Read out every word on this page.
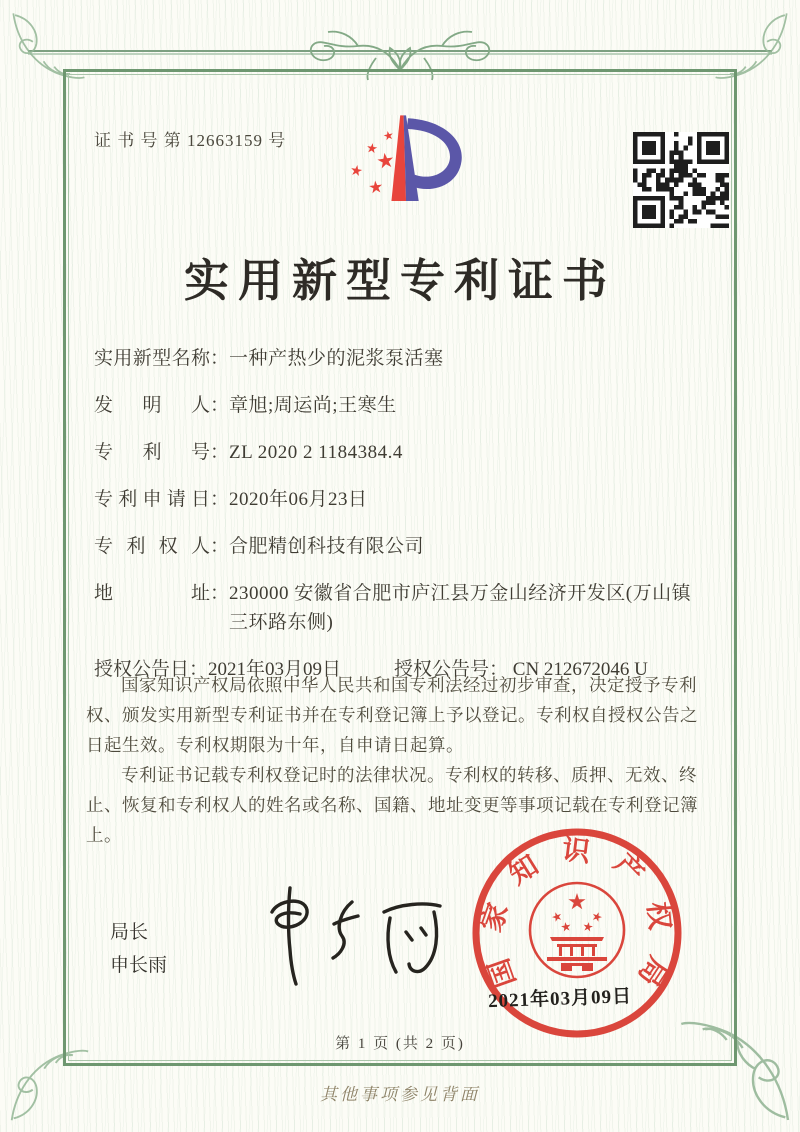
证 书 号 第 12663159 号
实用新型专利证书
实用新型名称 ： 一种产热少的泥浆泵活塞
发明人 ： 章旭;周运尚;王寒生
专利号 ： ZL 2020 2 1184384.4
专利申请日 ： 2020年06月23日
专利权人 ： 合肥精创科技有限公司
地址 ： 230000 安徽省合肥市庐江县万金山经济开发区(万山镇三环路东侧)
授权公告日 ： 2021年03月09日	授权公告号： CN 212672046 U

国家知识产权局依照中华人民共和国专利法经过初步审查，决定授予专利权、颁发实用新型专利证书并在专利登记簿上予以登记。专利权自授权公告之日起生效。专利权期限为十年，自申请日起算。

专利证书记载专利权登记时的法律状况。专利权的转移、质押、无效、终止、恢复和专利权人的姓名或名称、国籍、地址变更等事项记载在专利登记簿上。

局长
申长雨	国家知识产权局
2021年03月09日
第 1 页 (共 2 页)
其他事项参见背面
